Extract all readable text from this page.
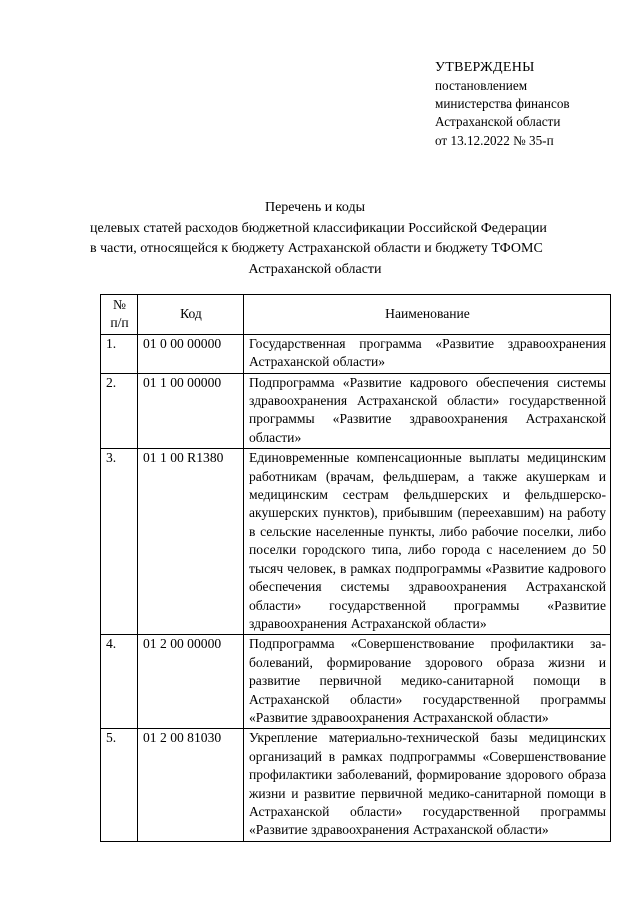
УТВЕРЖДЕНЫ
постановлением
министерства финансов
Астраханской области
от 13.12.2022 № 35-п
Перечень и коды
целевых статей расходов бюджетной классификации Российской Федерации
в части, относящейся к бюджету Астраханской области и бюджету ТФОМС
Астраханской области
№
п/п	Код	Наименование
1.	01 0 00 00000	Государственная программа «Развитие здравоохранения Астраханской области»
2.	01 1 00 00000	Подпрограмма «Развитие кадрового обеспечения системы здравоохранения Астраханской области» государственной программы «Развитие здравоохранения Астраханской области»
3.	01 1 00 R1380	Единовременные компенсационные выплаты медицинским работникам (врачам, фельдшерам, а также акушеркам и медицинским сестрам фельдшерских и фельдшерско-акушерских пунктов), прибывшим (переехавшим) на работу в сельские населенные пункты, либо рабочие поселки, либо поселки городского типа, либо города с населением до 50 тысяч человек, в рамках подпрограммы «Развитие кадрового обеспечения системы здравоохранения Астраханской области» государственной программы «Развитие здравоохранения Астраханской области»
4.	01 2 00 00000	Подпрограмма «Совершенствование профилактики заболеваний, формирование здорового образа жизни и развитие первичной медико-санитарной помощи в Астраханской области» государственной программы «Развитие здравоохранения Астраханской области»
5.	01 2 00 81030	Укрепление материально-технической базы медицинских организаций в рамках подпрограммы «Совершенствование профилактики заболеваний, формирование здорового образа жизни и развитие первичной медико-санитарной помощи в Астраханской области» государственной программы «Развитие здравоохранения Астраханской области»
